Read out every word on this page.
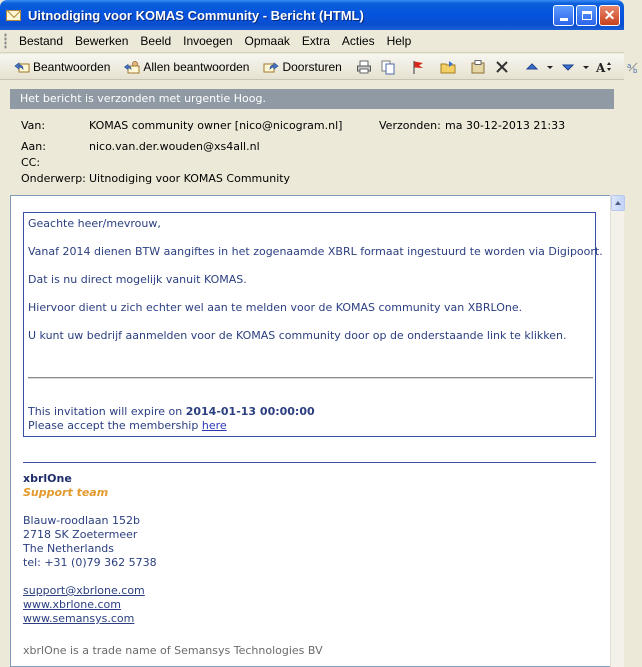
Uitnodiging voor KOMAS Community - Bericht (HTML)	✕
Bestand	Bewerken	Beeld	Invoegen	Opmaak	Extra	Acties	Help
Beantwoorden	Allen beantwoorden	Doorsturen	A	a
b
Het bericht is verzonden met urgentie Hoog.
Van:	KOMAS community owner [nico@nicogram.nl]	Verzonden: ma 30-12-2013 21:33
Aan:	nico.van.der.wouden@xs4all.nl
CC:
Onderwerp: Uitnodiging voor KOMAS Community
Geachte heer/mevrouw,
Vanaf 2014 dienen BTW aangiftes in het zogenaamde XBRL formaat ingestuurd te worden via Digipoort.
Dat is nu direct mogelijk vanuit KOMAS.
Hiervoor dient u zich echter wel aan te melden voor de KOMAS community van XBRLOne.
U kunt uw bedrijf aanmelden voor de KOMAS community door op de onderstaande link te klikken.
This invitation will expire on 2014-01-13 00:00:00
Please accept the membership here
xbrlOne
Support team
Blauw-roodlaan 152b
2718 SK Zoetermeer
The Netherlands
tel: +31 (0)79 362 5738
support@xbrlone.com
www.xbrlone.com
www.semansys.com
xbrlOne is a trade name of Semansys Technologies BV
